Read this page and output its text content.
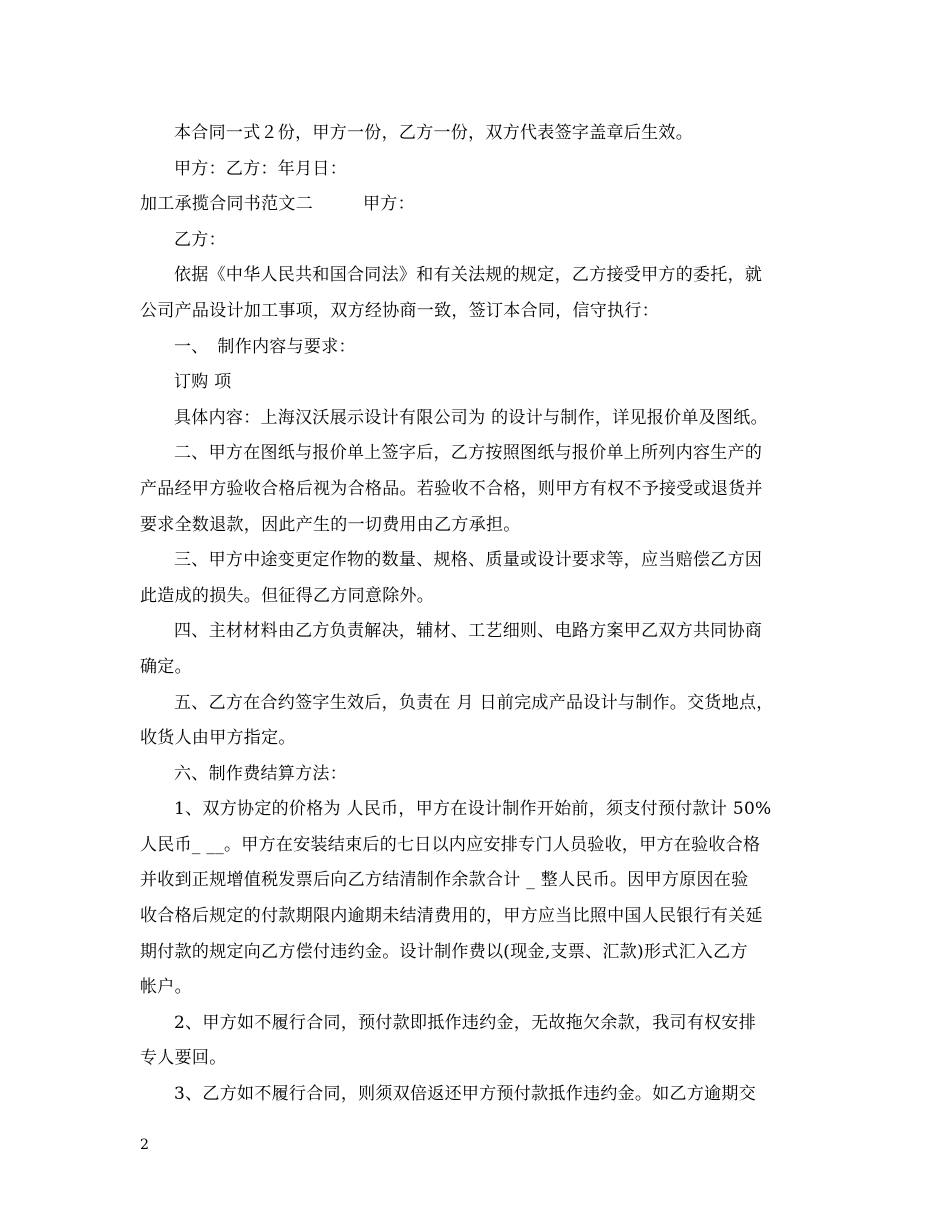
本合同一式２份，甲方一份，乙方一份，双方代表签字盖章后生效。
甲方：乙方：年月日：
加工承揽合同书范文二	甲方：
乙方：
依据《中华人民共和国合同法》和有关法规的规定，乙方接受甲方的委托，就
公司产品设计加工事项，双方经协商一致，签订本合同，信守执行：
一、　制作内容与要求：
订购 项
具体内容：上海汉沃展示设计有限公司为 的设计与制作，详见报价单及图纸。
二、甲方在图纸与报价单上签字后，乙方按照图纸与报价单上所列内容生产的
产品经甲方验收合格后视为合格品。若验收不合格，则甲方有权不予接受或退货并
要求全数退款，因此产生的一切费用由乙方承担。
三、甲方中途变更定作物的数量、规格、质量或设计要求等，应当赔偿乙方因
此造成的损失。但征得乙方同意除外。
四、主材材料由乙方负责解决，辅材、工艺细则、电路方案甲乙双方共同协商
确定。
五、乙方在合约签字生效后，负责在 月 日前完成产品设计与制作。交货地点，
收货人由甲方指定。
六、制作费结算方法：
1、双方协定的价格为 人民币，甲方在设计制作开始前，须支付预付款计 50%
人民币_ __。甲方在安装结束后的七日以内应安排专门人员验收，甲方在验收合格
并收到正规增值税发票后向乙方结清制作余款合计 _ 整人民币。因甲方原因在验
收合格后规定的付款期限内逾期未结清费用的，甲方应当比照中国人民银行有关延
期付款的规定向乙方偿付违约金。设计制作费以(现金,支票、汇款)形式汇入乙方
帐户。
2、甲方如不履行合同，预付款即抵作违约金，无故拖欠余款，我司有权安排
专人要回。
3、乙方如不履行合同，则须双倍返还甲方预付款抵作违约金。如乙方逾期交
2
